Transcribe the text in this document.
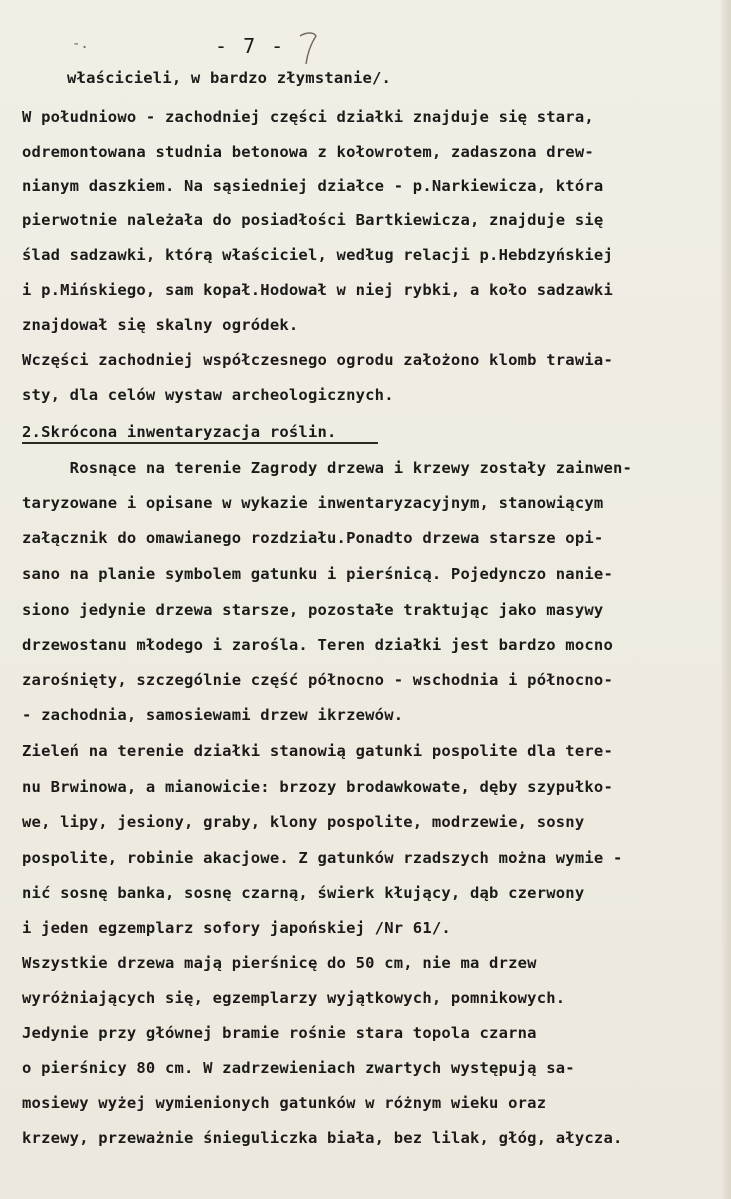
-.	- 7 -
właścicieli, w bardzo złymstanie/.
W południowo - zachodniej części działki znajduje się stara,
odremontowana studnia betonowa z kołowrotem, zadaszona drew-
nianym daszkiem. Na sąsiedniej działce - p.Narkiewicza, która
pierwotnie należała do posiadłości Bartkiewicza, znajduje się
ślad sadzawki, którą właściciel, według relacji p.Hebdzyńskiej
i p.Mińskiego, sam kopał.Hodował w niej rybki, a koło sadzawki
znajdował się skalny ogródek.
Wczęści zachodniej współczesnego ogrodu założono klomb trawia-
sty, dla celów wystaw archeologicznych.
2.Skrócona inwentaryzacja roślin.
Rosnące na terenie Zagrody drzewa i krzewy zostały zainwen-
taryzowane i opisane w wykazie inwentaryzacyjnym, stanowiącym
załącznik do omawianego rozdziału.Ponadto drzewa starsze opi-
sano na planie symbolem gatunku i pierśnicą. Pojedynczo nanie-
siono jedynie drzewa starsze, pozostałe traktując jako masywy
drzewostanu młodego i zarośla. Teren działki jest bardzo mocno
zarośnięty, szczególnie część północno - wschodnia i północno-
- zachodnia, samosiewami drzew ikrzewów.
Zieleń na terenie działki stanowią gatunki pospolite dla tere-
nu Brwinowa, a mianowicie: brzozy brodawkowate, dęby szypułko-
we, lipy, jesiony, graby, klony pospolite, modrzewie, sosny
pospolite, robinie akacjowe. Z gatunków rzadszych można wymie -
nić sosnę banka, sosnę czarną, świerk kłujący, dąb czerwony
i jeden egzemplarz sofory japońskiej /Nr 61/.
Wszystkie drzewa mają pierśnicę do 50 cm, nie ma drzew
wyróżniających się, egzemplarzy wyjątkowych, pomnikowych.
Jedynie przy głównej bramie rośnie stara topola czarna
o pierśnicy 80 cm. W zadrzewieniach zwartych występują sa-
mosiewy wyżej wymienionych gatunków w różnym wieku oraz
krzewy, przeważnie śnieguliczka biała, bez lilak, głóg, ałycza.
